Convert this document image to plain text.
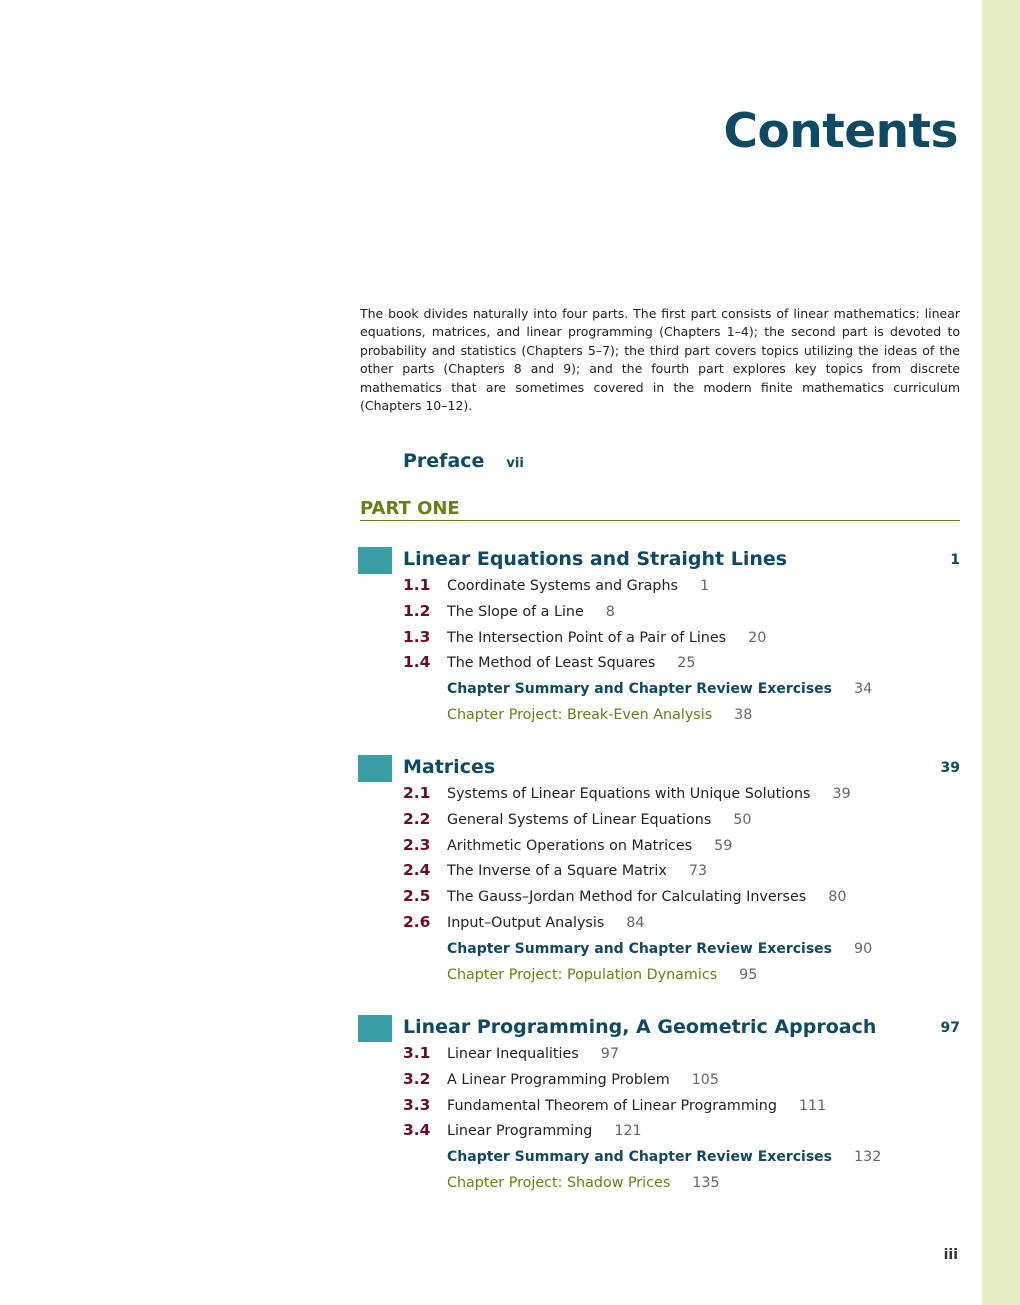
Contents

The book divides naturally into four parts. The first part consists of linear mathematics: linear equations, matrices, and linear programming (Chapters 1–4); the second part is devoted to probability and statistics (Chapters 5–7); the third part covers topics utilizing the ideas of the other parts (Chapters 8 and 9); and the fourth part explores key topics from discrete mathematics that are sometimes covered in the modern finite mathematics curriculum (Chapters 10–12).

Preface vii
PART ONE
Linear Equations and Straight Lines	1
1.1 Coordinate Systems and Graphs 1
1.2 The Slope of a Line 8
1.3 The Intersection Point of a Pair of Lines 20
1.4 The Method of Least Squares 25
Chapter Summary and Chapter Review Exercises 34
Chapter Project: Break-Even Analysis 38
Matrices	39
2.1 Systems of Linear Equations with Unique Solutions 39
2.2 General Systems of Linear Equations 50
2.3 Arithmetic Operations on Matrices 59
2.4 The Inverse of a Square Matrix 73
2.5 The Gauss–Jordan Method for Calculating Inverses 80
2.6 Input–Output Analysis 84
Chapter Summary and Chapter Review Exercises 90
Chapter Project: Population Dynamics 95
Linear Programming, A Geometric Approach	97
3.1 Linear Inequalities 97
3.2 A Linear Programming Problem 105
3.3 Fundamental Theorem of Linear Programming 111
3.4 Linear Programming 121
Chapter Summary and Chapter Review Exercises 132
Chapter Project: Shadow Prices 135
iii
